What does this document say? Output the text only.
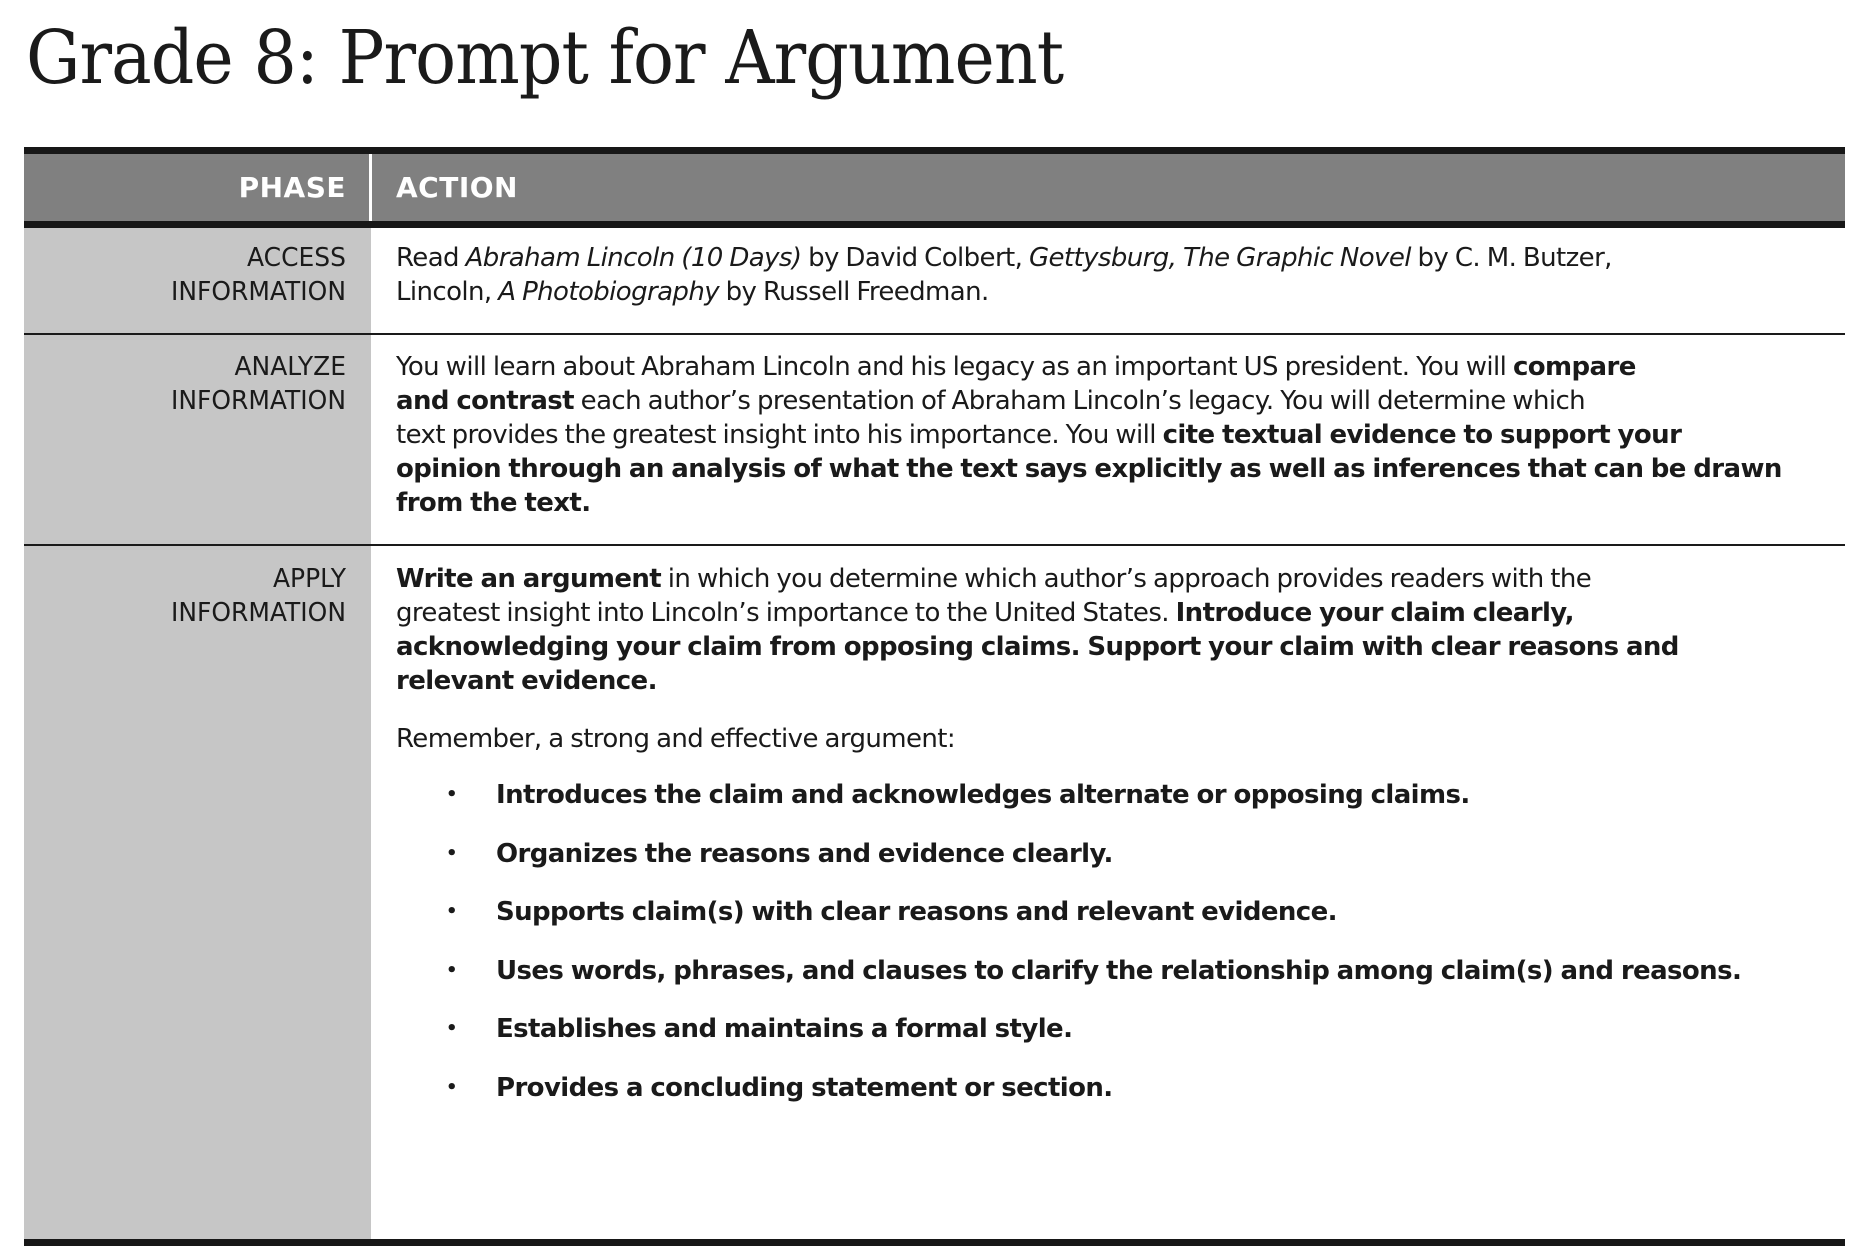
Grade 8: Prompt for Argument
PHASE ACTION
ACCESS
INFORMATION
Read Abraham Lincoln (10 Days) by David Colbert, Gettysburg, The Graphic Novel by C. M. Butzer,
Lincoln, A Photobiography by Russell Freedman.
ANALYZE
INFORMATION
You will learn about Abraham Lincoln and his legacy as an important US president. You will compare
and contrast each author’s presentation of Abraham Lincoln’s legacy. You will determine which
text provides the greatest insight into his importance. You will cite textual evidence to support your
opinion through an analysis of what the text says explicitly as well as inferences that can be drawn
from the text.
APPLY
INFORMATION
Write an argument in which you determine which author’s approach provides readers with the
greatest insight into Lincoln’s importance to the United States. Introduce your claim clearly,
acknowledging your claim from opposing claims. Support your claim with clear reasons and
relevant evidence.
Remember, a strong and effective argument:
• Introduces the claim and acknowledges alternate or opposing claims.
• Organizes the reasons and evidence clearly.
• Supports claim(s) with clear reasons and relevant evidence.
• Uses words, phrases, and clauses to clarify the relationship among claim(s) and reasons.
• Establishes and maintains a formal style.
• Provides a concluding statement or section.
